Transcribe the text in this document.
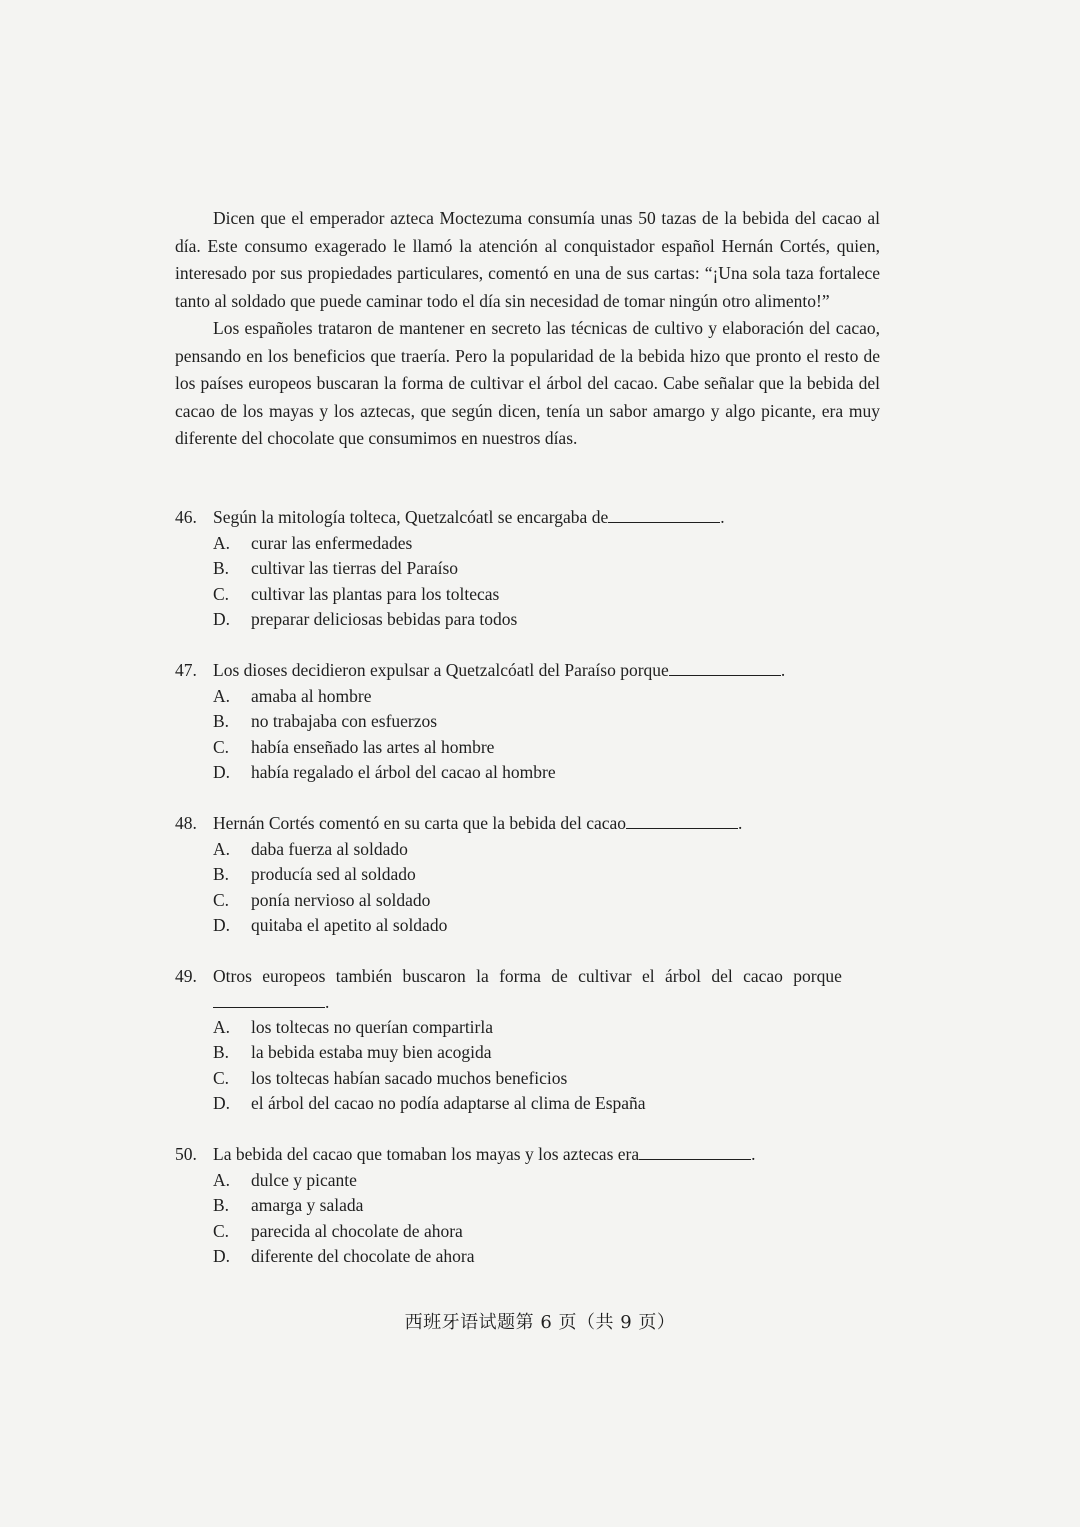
Dicen que el emperador azteca Moctezuma consumía unas 50 tazas de la bebida del cacao al día. Este consumo exagerado le llamó la atención al conquistador español Hernán Cortés, quien, interesado por sus propiedades particulares, comentó en una de sus cartas: “¡Una sola taza fortalece tanto al soldado que puede caminar todo el día sin necesidad de tomar ningún otro alimento!”

Los españoles trataron de mantener en secreto las técnicas de cultivo y elaboración del cacao, pensando en los beneficios que traería. Pero la popularidad de la bebida hizo que pronto el resto de los países europeos buscaran la forma de cultivar el árbol del cacao. Cabe señalar que la bebida del cacao de los mayas y los aztecas, que según dicen, tenía un sabor amargo y algo picante, era muy diferente del chocolate que consumimos en nuestros días.

46. Según la mitología tolteca, Quetzalcóatl se encargaba de	.
A. curar las enfermedades
B. cultivar las tierras del Paraíso
C. cultivar las plantas para los toltecas
D. preparar deliciosas bebidas para todos
47. Los dioses decidieron expulsar a Quetzalcóatl del Paraíso porque	.
A. amaba al hombre
B. no trabajaba con esfuerzos
C. había enseñado las artes al hombre
D. había regalado el árbol del cacao al hombre
48. Hernán Cortés comentó en su carta que la bebida del cacao	.
A. daba fuerza al soldado
B. producía sed al soldado
C. ponía nervioso al soldado
D. quitaba el apetito al soldado
49. Otros europeos también buscaron la forma de cultivar el árbol del cacao porque
.
A. los toltecas no querían compartirla
B. la bebida estaba muy bien acogida
C. los toltecas habían sacado muchos beneficios
D. el árbol del cacao no podía adaptarse al clima de España
50. La bebida del cacao que tomaban los mayas y los aztecas era	.
A. dulce y picante
B. amarga y salada
C. parecida al chocolate de ahora
D. diferente del chocolate de ahora
西班牙语试题第 6 页（共 9 页）
